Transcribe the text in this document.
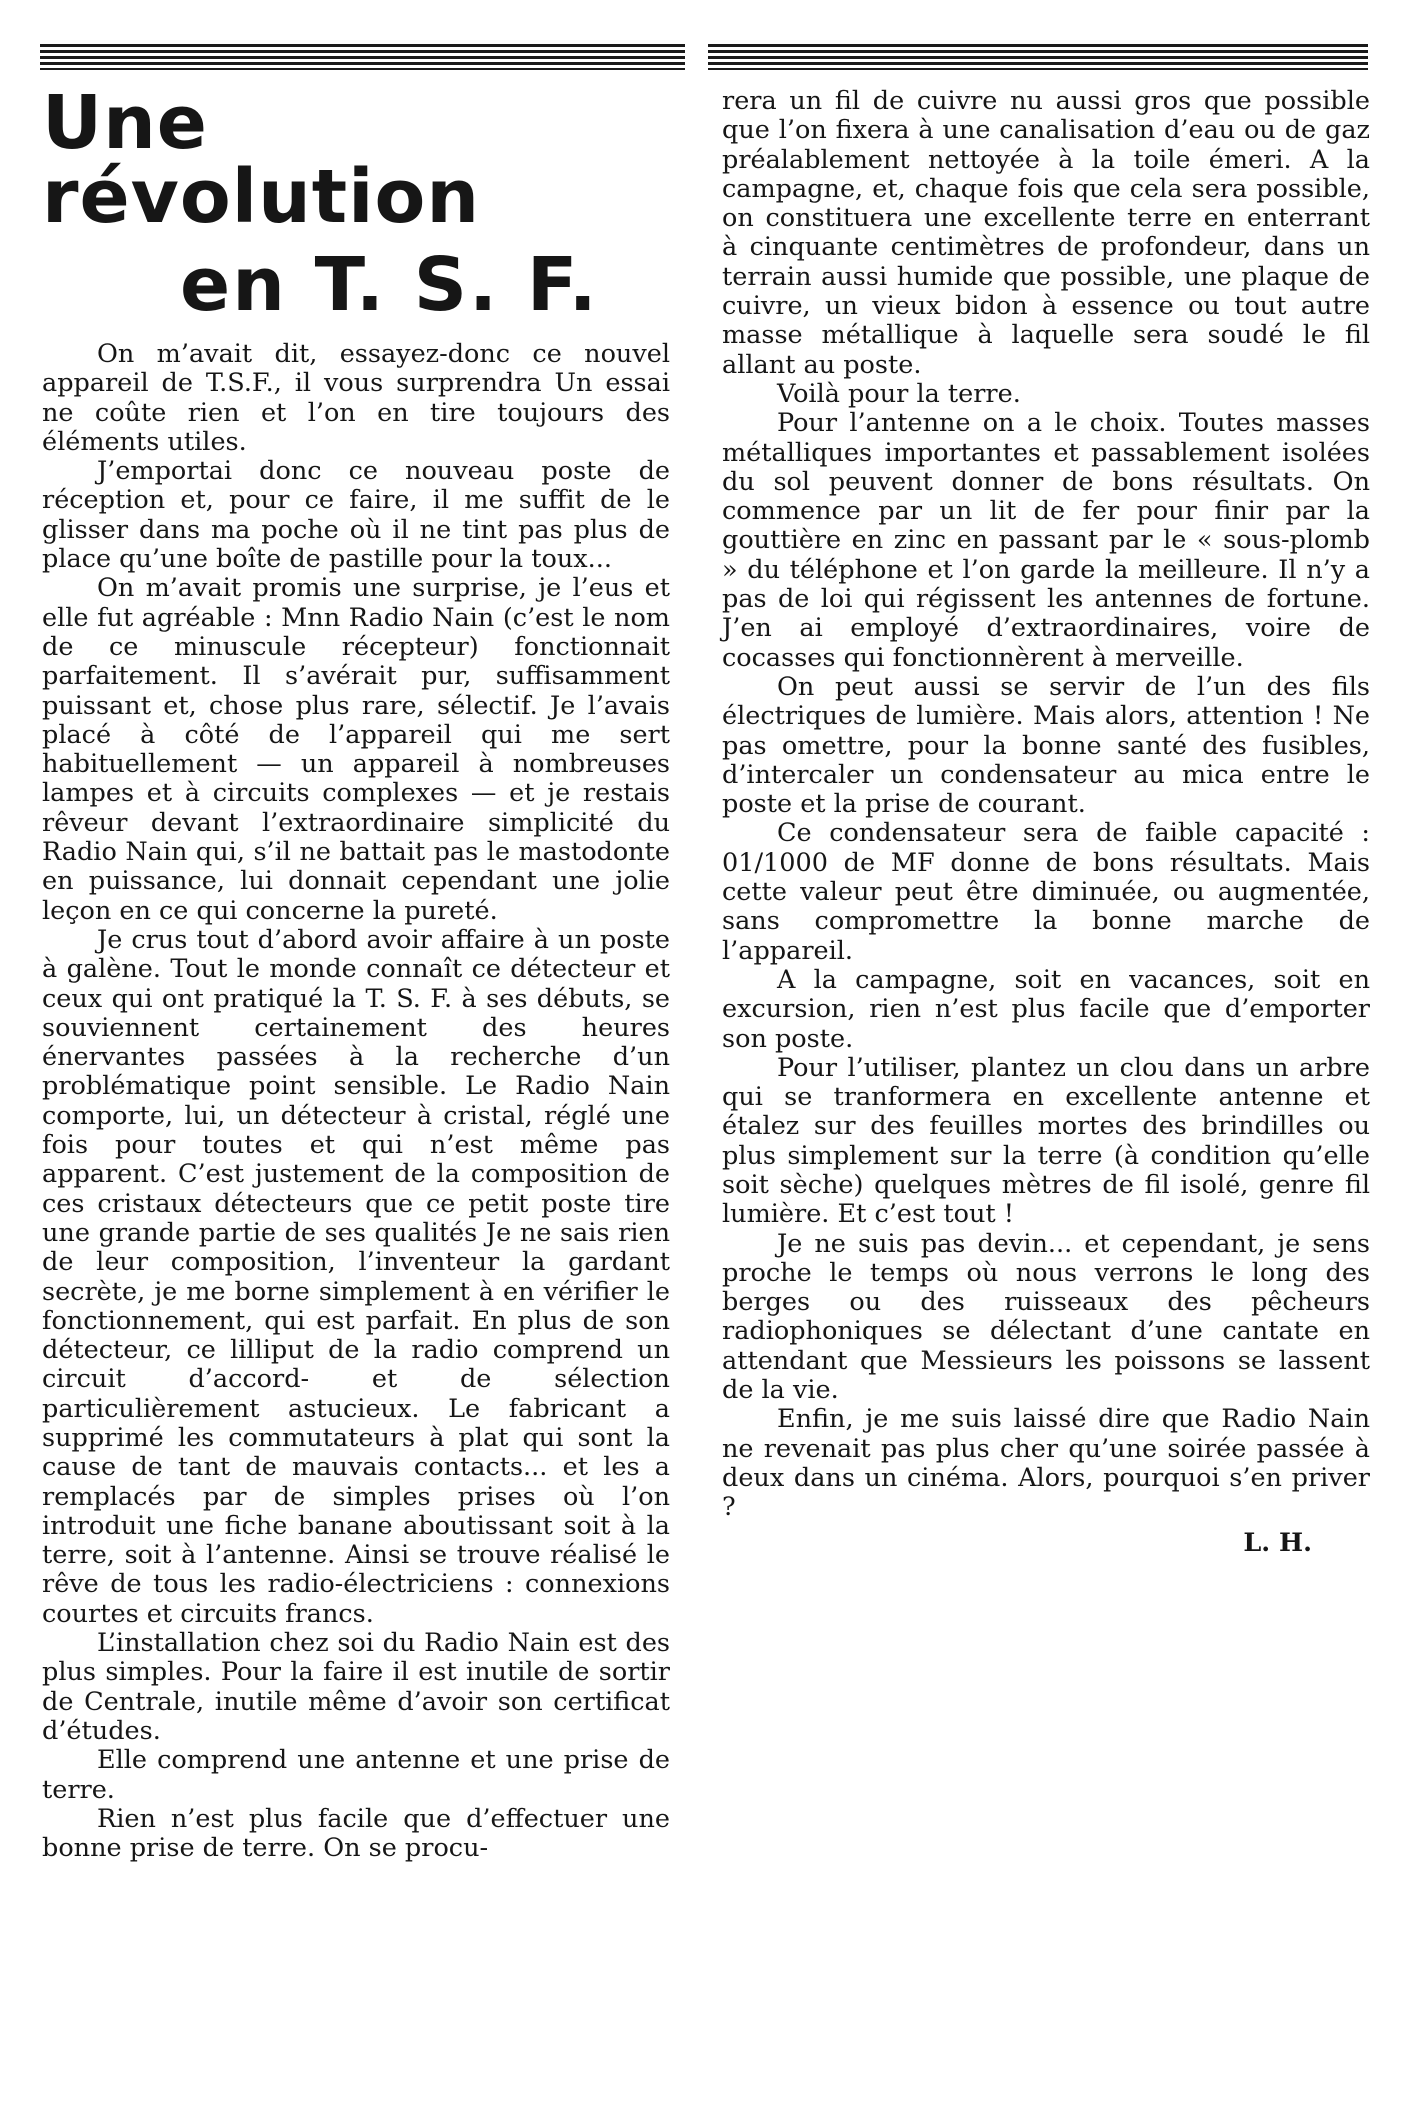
Une révolution
en T. S. F.

On m’avait dit, essayez-donc ce nouvel appareil de T.S.F., il vous surprendra Un essai ne coûte rien et l’on en tire toujours des éléments utiles.

J’emportai donc ce nouveau poste de réception et, pour ce faire, il me suffit de le glisser dans ma poche où il ne tint pas plus de place qu’une boîte de pastille pour la toux...

On m’avait promis une surprise, je l’eus et elle fut agréable : Mnn Radio Nain (c’est le nom de ce minuscule récepteur) fonctionnait parfaitement. Il s’avérait pur, suffisamment puissant et, chose plus rare, sélectif. Je l’avais placé à côté de l’appareil qui me sert habituellement — un appareil à nombreuses lampes et à circuits complexes — et je restais rêveur devant l’extraordinaire simplicité du Radio Nain qui, s’il ne battait pas le mastodonte en puissance, lui donnait cependant une jolie leçon en ce qui concerne la pureté.

Je crus tout d’abord avoir affaire à un poste à galène. Tout le monde connaît ce détecteur et ceux qui ont pratiqué la T. S. F. à ses débuts, se souviennent certainement des heures énervantes passées à la recherche d’un problématique point sensible. Le Radio Nain comporte, lui, un détecteur à cristal, réglé une fois pour toutes et qui n’est même pas apparent. C’est justement de la composition de ces cristaux détecteurs que ce petit poste tire une grande partie de ses qualités Je ne sais rien de leur composition, l’inventeur la gardant secrète, je me borne simplement à en vérifier le fonctionnement, qui est parfait. En plus de son détecteur, ce lilliput de la radio comprend un circuit d’accord- et de sélection particulièrement astucieux. Le fabricant a supprimé les commutateurs à plat qui sont la cause de tant de mauvais contacts... et les a remplacés par de simples prises où l’on introduit une fiche banane aboutissant soit à la terre, soit à l’antenne. Ainsi se trouve réalisé le rêve de tous les radio-électriciens : connexions courtes et circuits francs.

L’installation chez soi du Radio Nain est des plus simples. Pour la faire il est inutile de sortir de Centrale, inutile même d’avoir son certificat d’études.

Elle comprend une antenne et une prise de terre.

Rien n’est plus facile que d’effectuer une bonne prise de terre. On se procu-

rera un fil de cuivre nu aussi gros que possible que l’on fixera à une canalisation d’eau ou de gaz préalablement nettoyée à la toile émeri. A la campagne, et, chaque fois que cela sera possible, on constituera une excellente terre en enterrant à cinquante centimètres de profondeur, dans un terrain aussi humide que possible, une plaque de cuivre, un vieux bidon à essence ou tout autre masse métallique à laquelle sera soudé le fil allant au poste.

Voilà pour la terre.

Pour l’antenne on a le choix. Toutes masses métalliques importantes et passablement isolées du sol peuvent donner de bons résultats. On commence par un lit de fer pour finir par la gouttière en zinc en passant par le « sous-plomb » du téléphone et l’on garde la meilleure. Il n’y a pas de loi qui régissent les antennes de fortune. J’en ai employé d’extraordinaires, voire de cocasses qui fonctionnèrent à merveille.

On peut aussi se servir de l’un des fils électriques de lumière. Mais alors, attention ! Ne pas omettre, pour la bonne santé des fusibles, d’intercaler un condensateur au mica entre le poste et la prise de courant.

Ce condensateur sera de faible capacité : 01/1000 de MF donne de bons résultats. Mais cette valeur peut être diminuée, ou augmentée, sans compromettre la bonne marche de l’appareil.

A la campagne, soit en vacances, soit en excursion, rien n’est plus facile que d’emporter son poste.

Pour l’utiliser, plantez un clou dans un arbre qui se tranformera en excellente antenne et étalez sur des feuilles mortes des brindilles ou plus simplement sur la terre (à condition qu’elle soit sèche) quelques mètres de fil isolé, genre fil lumière. Et c’est tout !

Je ne suis pas devin... et cependant, je sens proche le temps où nous verrons le long des berges ou des ruisseaux des pêcheurs radiophoniques se délectant d’une cantate en attendant que Messieurs les poissons se lassent de la vie.

Enfin, je me suis laissé dire que Radio Nain ne revenait pas plus cher qu’une soirée passée à deux dans un cinéma. Alors, pourquoi s’en priver ?

L. H.
